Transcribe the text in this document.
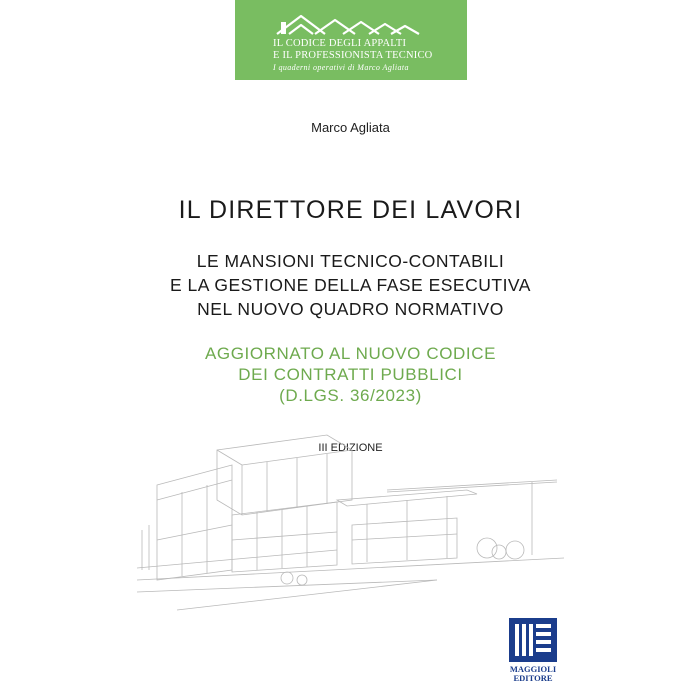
IL CODICE DEGLI APPALTI
E IL PROFESSIONISTA TECNICO
I quaderni operativi di Marco Agliata
Marco Agliata
IL DIRETTORE DEI LAVORI
LE MANSIONI TECNICO-CONTABILI
E LA GESTIONE DELLA FASE ESECUTIVA
NEL NUOVO QUADRO NORMATIVO
AGGIORNATO AL NUOVO CODICE
DEI CONTRATTI PUBBLICI
(D.LGS. 36/2023)
III EDIZIONE
MAGGIOLI
EDITORE
